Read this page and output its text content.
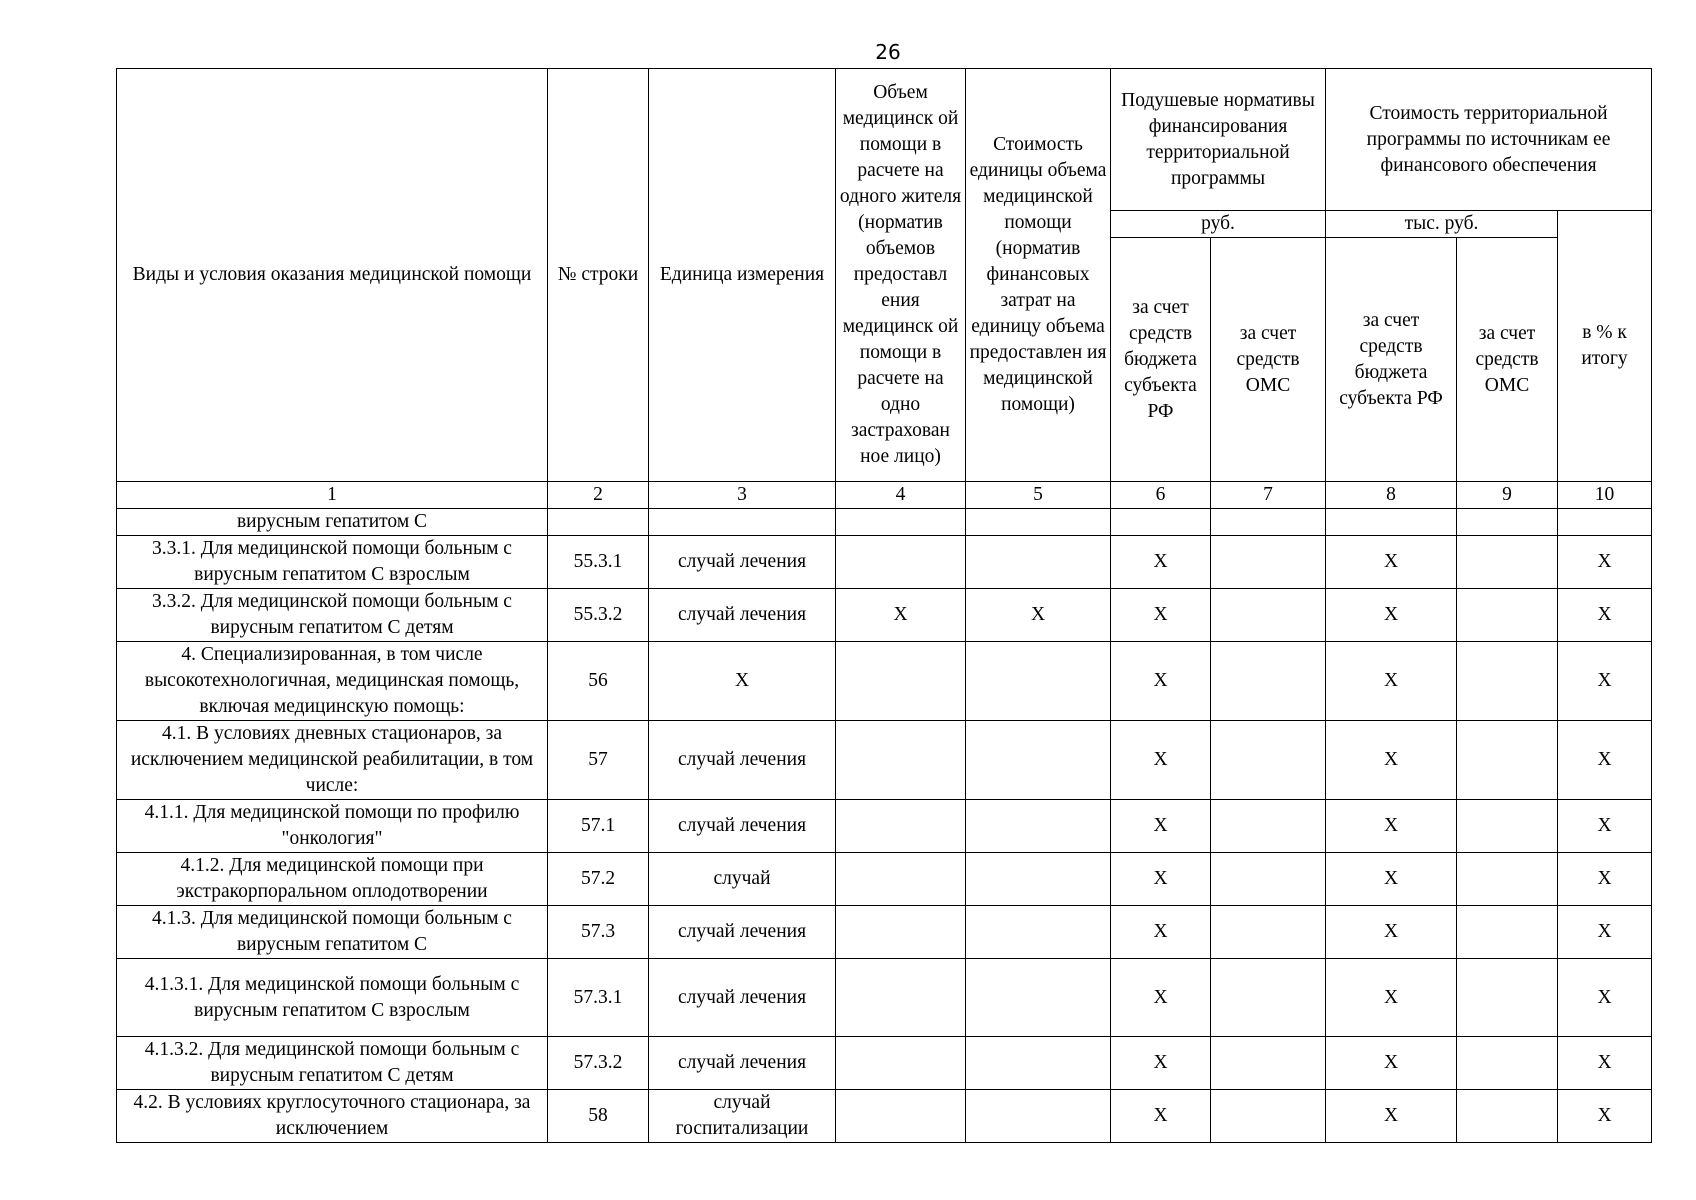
26
Виды и условия оказания медицинской помощи	№ строки	Единица измерения	Объем медицинск ой помощи в расчете на одного жителя (норматив объемов предоставл ения медицинск ой помощи в расчете на одно застрахован ное лицо)	Стоимость единицы объема медицинской помощи (норматив финансовых затрат на единицу объема предоставлен ия медицинской помощи)	Подушевые нормативы финансирования территориальной программы		Стоимость территориальной программы по источникам ее финансового обеспечения		
					руб.		тыс. руб.		в % к итогу
					за счет средств бюджета субъекта РФ	за счет средств ОМС	за счет средств бюджета субъекта РФ	за счет средств ОМС	
1	2	3	4	5	6	7	8	9	10
вирусным гепатитом С									
3.3.1. Для медицинской помощи больным с вирусным гепатитом С взрослым	55.3.1	случай лечения			X		X		X
3.3.2. Для медицинской помощи больным с вирусным гепатитом С детям	55.3.2	случай лечения	X	X	X		X		X
4. Специализированная, в том числе высокотехнологичная, медицинская помощь, включая медицинскую помощь:	56	X			X		X		X
4.1. В условиях дневных стационаров, за исключением медицинской реабилитации, в том числе:	57	случай лечения			X		X		X
4.1.1. Для медицинской помощи по профилю "онкология"	57.1	случай лечения			X		X		X
4.1.2. Для медицинской помощи при экстракорпоральном оплодотворении	57.2	случай			X		X		X
4.1.3. Для медицинской помощи больным с вирусным гепатитом С	57.3	случай лечения			X		X		X
4.1.3.1. Для медицинской помощи больным с вирусным гепатитом С взрослым	57.3.1	случай лечения			X		X		X
4.1.3.2. Для медицинской помощи больным с вирусным гепатитом С детям	57.3.2	случай лечения			X		X		X
4.2. В условиях круглосуточного стационара, за исключением	58	случай госпитализации			X		X		X
